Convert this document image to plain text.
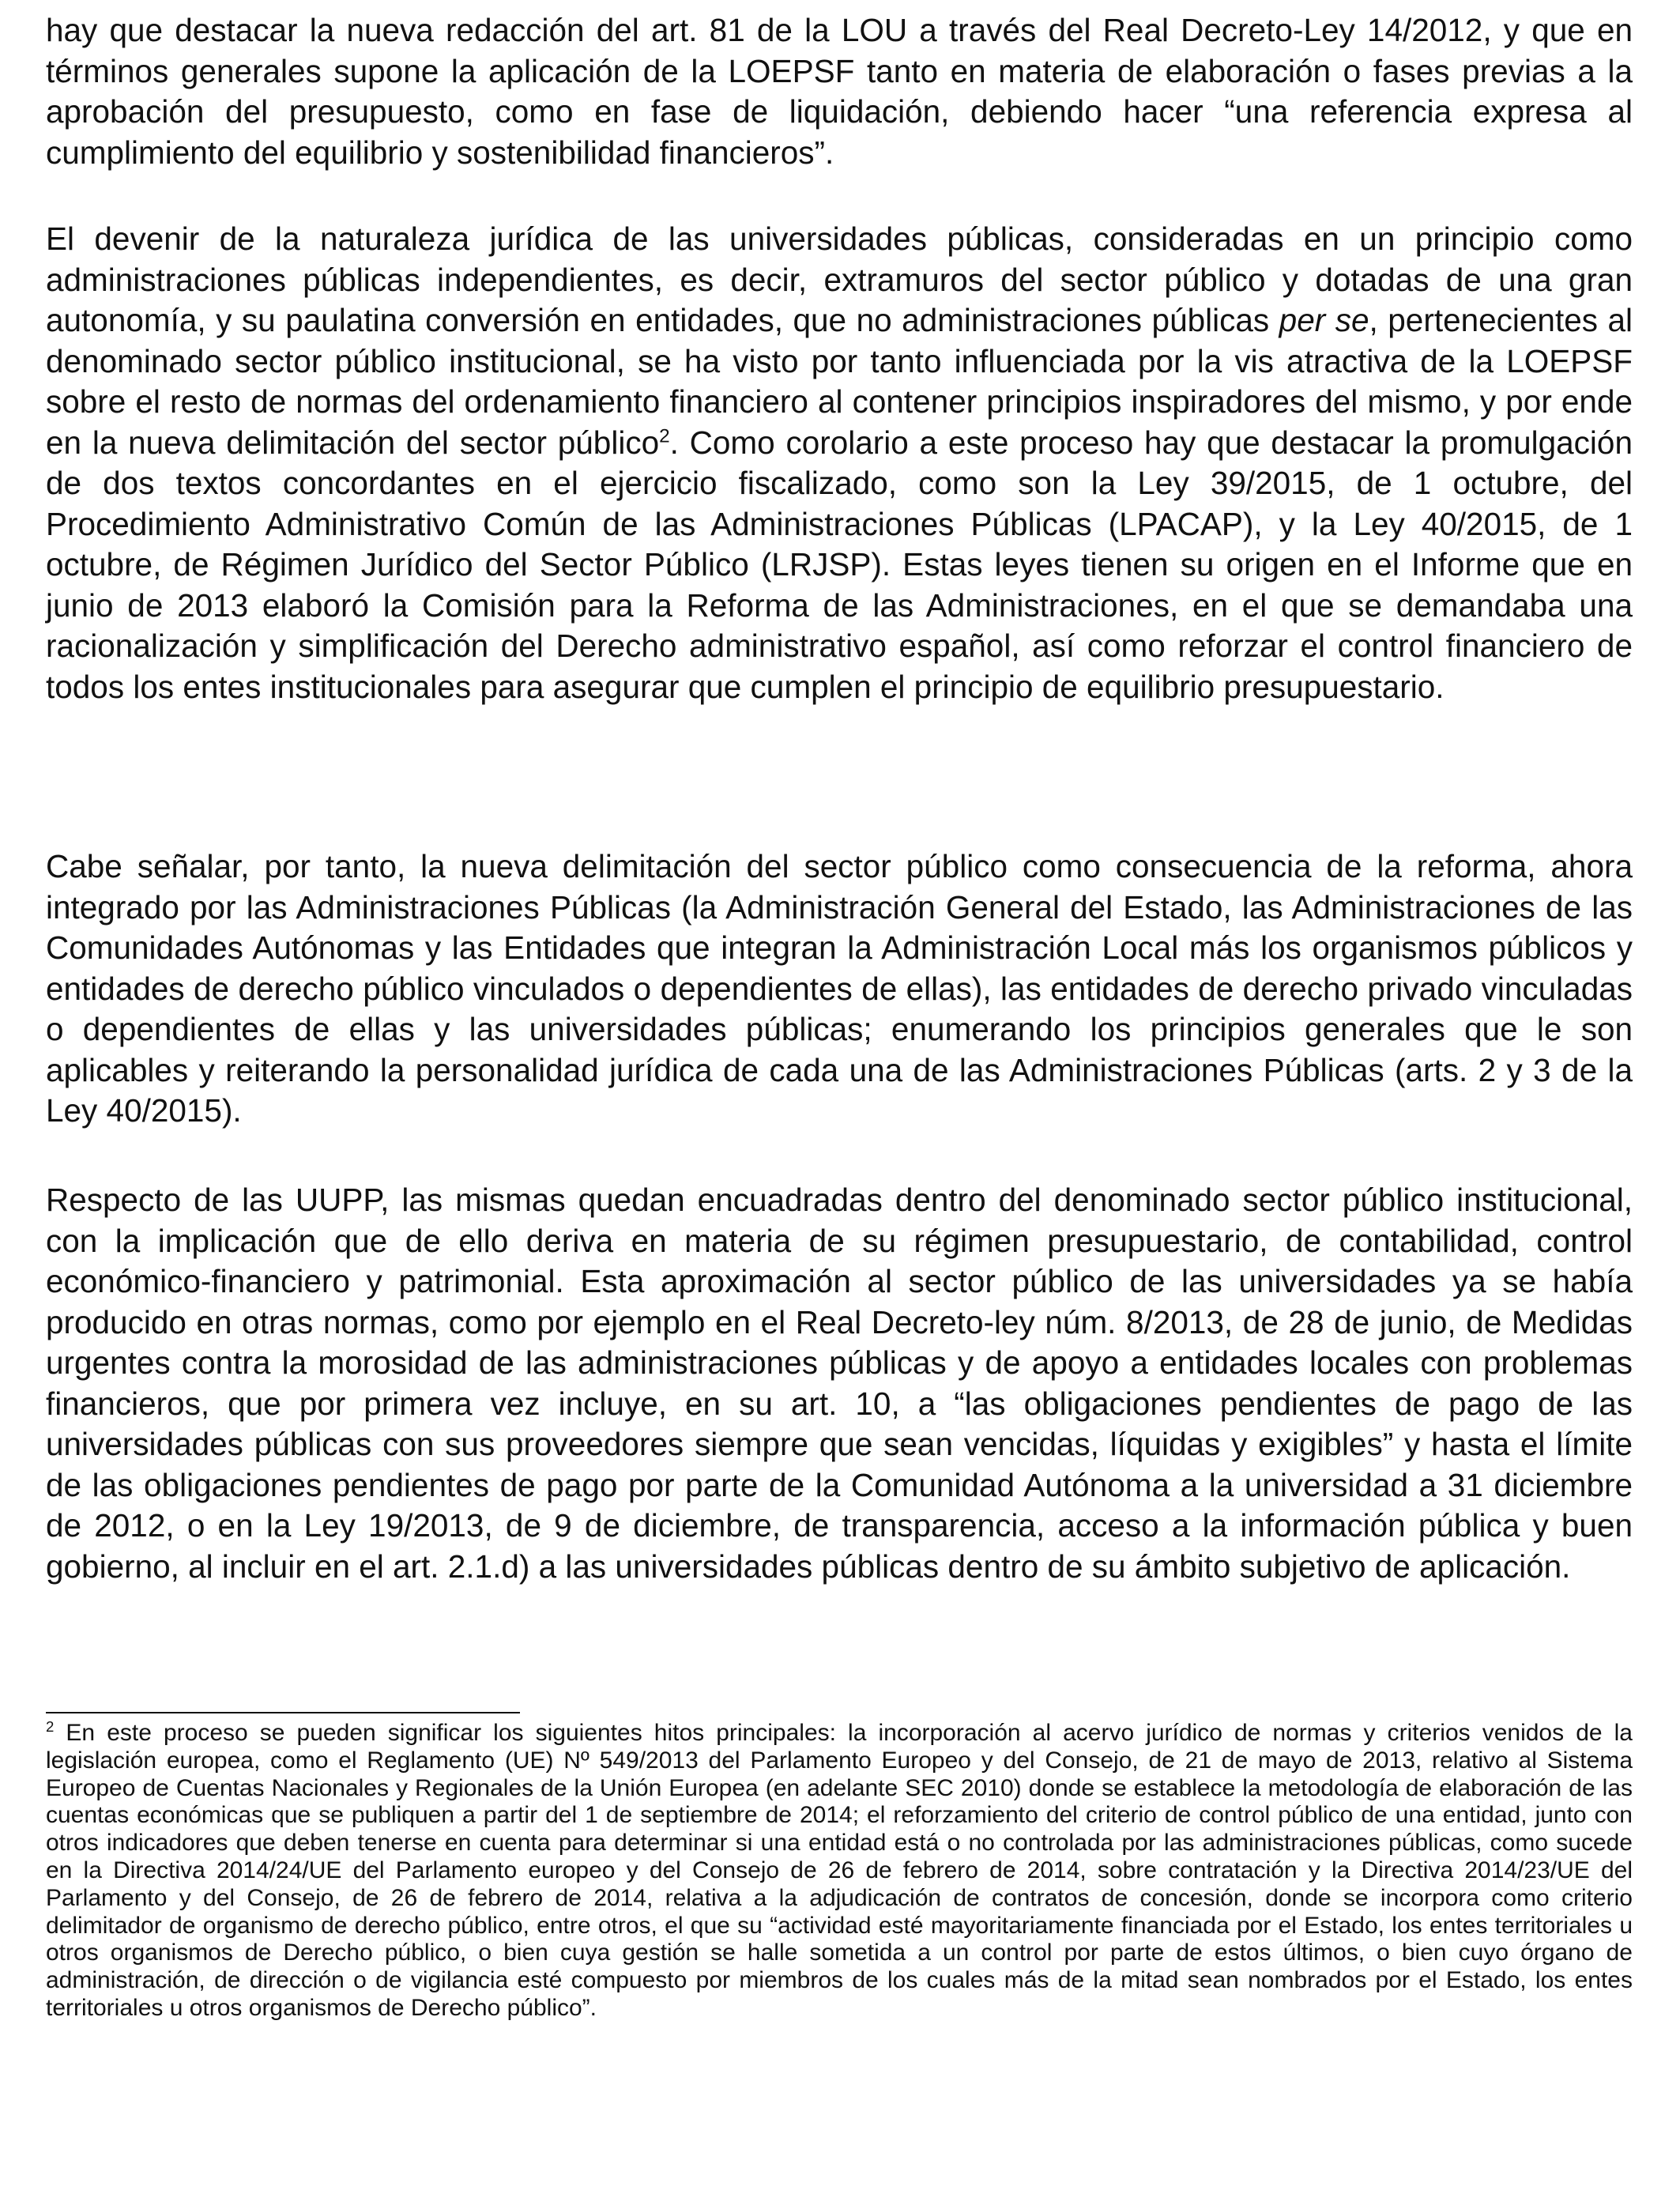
hay que destacar la nueva redacción del art. 81 de la LOU a través del Real Decreto-Ley 14/2012, y que en términos generales supone la aplicación de la LOEPSF tanto en materia de elaboración o fases previas a la aprobación del presupuesto, como en fase de liquidación, debiendo hacer “una referencia expresa al cumplimiento del equilibrio y sostenibilidad financieros”.

El devenir de la naturaleza jurídica de las universidades públicas, consideradas en un principio como administraciones públicas independientes, es decir, extramuros del sector público y dotadas de una gran autonomía, y su paulatina conversión en entidades, que no administraciones públicas per se, pertenecientes al denominado sector público institucional, se ha visto por tanto influenciada por la vis atractiva de la LOEPSF sobre el resto de normas del ordenamiento financiero al contener principios inspiradores del mismo, y por ende en la nueva delimitación del sector público$^2$. Como corolario a este proceso hay que destacar la promulgación de dos textos concordantes en el ejercicio fiscalizado, como son la Ley 39/2015, de 1 octubre, del Procedimiento Administrativo Común de las Administraciones Públicas (LPACAP), y la Ley 40/2015, de 1 octubre, de Régimen Jurídico del Sector Público (LRJSP). Estas leyes tienen su origen en el Informe que en junio de 2013 elaboró la Comisión para la Reforma de las Administraciones, en el que se demandaba una racionalización y simplificación del Derecho administrativo español, así como reforzar el control financiero de todos los entes institucionales para asegurar que cumplen el principio de equilibrio presupuestario.

Cabe señalar, por tanto, la nueva delimitación del sector público como consecuencia de la reforma, ahora integrado por las Administraciones Públicas (la Administración General del Estado, las Administraciones de las Comunidades Autónomas y las Entidades que integran la Administración Local más los organismos públicos y entidades de derecho público vinculados o dependientes de ellas), las entidades de derecho privado vinculadas o dependientes de ellas y las universidades públicas; enumerando los principios generales que le son aplicables y reiterando la personalidad jurídica de cada una de las Administraciones Públicas (arts. 2 y 3 de la Ley 40/2015).

Respecto de las UUPP, las mismas quedan encuadradas dentro del denominado sector público institucional, con la implicación que de ello deriva en materia de su régimen presupuestario, de contabilidad, control económico-financiero y patrimonial. Esta aproximación al sector público de las universidades ya se había producido en otras normas, como por ejemplo en el Real Decreto-ley núm. 8/2013, de 28 de junio, de Medidas urgentes contra la morosidad de las administraciones públicas y de apoyo a entidades locales con problemas financieros, que por primera vez incluye, en su art. 10, a “las obligaciones pendientes de pago de las universidades públicas con sus proveedores siempre que sean vencidas, líquidas y exigibles” y hasta el límite de las obligaciones pendientes de pago por parte de la Comunidad Autónoma a la universidad a 31 diciembre de 2012, o en la Ley 19/2013, de 9 de diciembre, de transparencia, acceso a la información pública y buen gobierno, al incluir en el art. 2.1.d) a las universidades públicas dentro de su ámbito subjetivo de aplicación.

$^2$ En este proceso se pueden significar los siguientes hitos principales: la incorporación al acervo jurídico de normas y criterios venidos de la legislación europea, como el Reglamento (UE) Nº 549/2013 del Parlamento Europeo y del Consejo, de 21 de mayo de 2013, relativo al Sistema Europeo de Cuentas Nacionales y Regionales de la Unión Europea (en adelante SEC 2010) donde se establece la metodología de elaboración de las cuentas económicas que se publiquen a partir del 1 de septiembre de 2014; el reforzamiento del criterio de control público de una entidad, junto con otros indicadores que deben tenerse en cuenta para determinar si una entidad está o no controlada por las administraciones públicas, como sucede en la Directiva 2014/24/UE del Parlamento europeo y del Consejo de 26 de febrero de 2014, sobre contratación y la Directiva 2014/23/UE del Parlamento y del Consejo, de 26 de febrero de 2014, relativa a la adjudicación de contratos de concesión, donde se incorpora como criterio delimitador de organismo de derecho público, entre otros, el que su “actividad esté mayoritariamente financiada por el Estado, los entes territoriales u otros organismos de Derecho público, o bien cuya gestión se halle sometida a un control por parte de estos últimos, o bien cuyo órgano de administración, de dirección o de vigilancia esté compuesto por miembros de los cuales más de la mitad sean nombrados por el Estado, los entes territoriales u otros organismos de Derecho público”.
